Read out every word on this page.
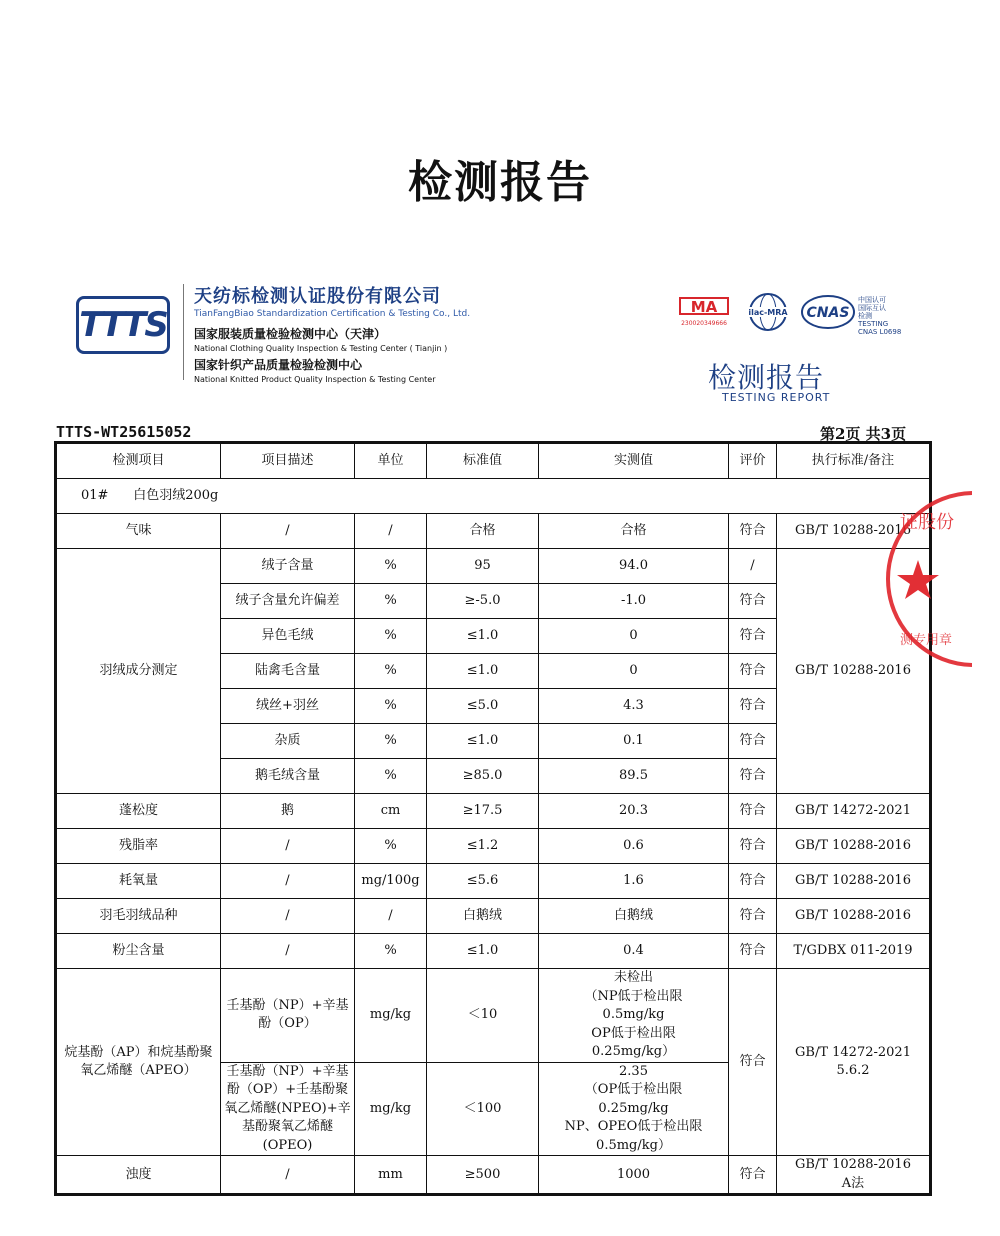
检测报告
TTTS
天纺标检测认证股份有限公司
TianFangBiao Standardization Certification & Testing Co., Ltd.
国家服装质量检验检测中心（天津）
National Clothing Quality Inspection & Testing Center ( Tianjin )
国家针织产品质量检验检测中心
National Knitted Product Quality Inspection & Testing Center
MA
230020349666
ilac-MRA CNAS
中国认可
国际互认
检测
TESTING
CNAS L0698
检测报告
TESTING REPORT
TTTS-WT25615052	第2页 共3页
检测项目	项目描述	单位	标准值	实测值	评价	执行标准/备注
01#      白色羽绒200g						
气味	/	/	合格	合格	符合	GB/T 10288-2016
羽绒成分测定	绒子含量	%	95	94.0	/	GB/T 10288-2016
	绒子含量允许偏差	%	≥-5.0	-1.0	符合	
	异色毛绒	%	≤1.0	0	符合	
	陆禽毛含量	%	≤1.0	0	符合	
	绒丝+羽丝	%	≤5.0	4.3	符合	
	杂质	%	≤1.0	0.1	符合	
	鹅毛绒含量	%	≥85.0	89.5	符合	
蓬松度	鹅	cm	≥17.5	20.3	符合	GB/T 14272-2021
残脂率	/	%	≤1.2	0.6	符合	GB/T 10288-2016
耗氧量	/	mg/100g	≤5.6	1.6	符合	GB/T 10288-2016
羽毛羽绒品种	/	/	白鹅绒	白鹅绒	符合	GB/T 10288-2016
粉尘含量	/	%	≤1.0	0.4	符合	T/GDBX 011-2019
烷基酚（AP）和烷基酚聚氧乙烯醚（APEO）	壬基酚（NP）+辛基酚（OP）	mg/kg	＜10	未检出
（NP低于检出限
0.5mg/kg
OP低于检出限
0.25mg/kg）	符合	GB/T 14272-2021 5.6.2
	壬基酚（NP）+辛基酚（OP）+壬基酚聚氧乙烯醚(NPEO)+辛基酚聚氧乙烯醚(OPEO)	mg/kg	＜100	2.35
（OP低于检出限
0.25mg/kg
NP、OPEO低于检出限
0.5mg/kg）		
浊度	/	mm	≥500	1000	符合	GB/T 10288-2016
A法
证股份
测专用章
